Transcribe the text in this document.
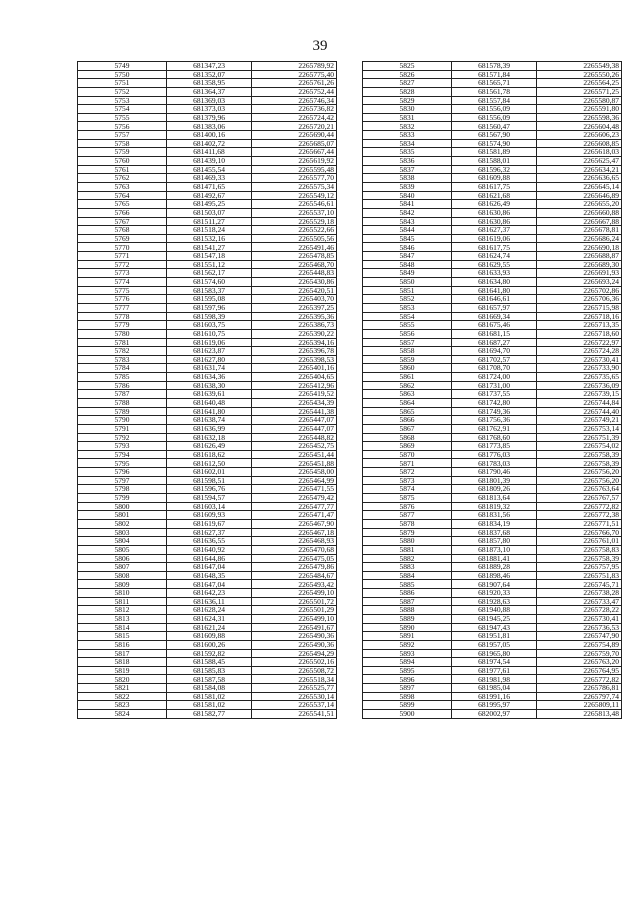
39
5749	681347,23	2265789,92
5750	681352,07	2265775,40
5751	681358,95	2265761,26
5752	681364,37	2265752,44
5753	681369,03	2265746,34
5754	681373,03	2265736,82
5755	681379,96	2265724,42
5756	681383,06	2265720,21
5757	681400,16	2265690,44
5758	681402,72	2265685,07
5759	681411,68	2265667,44
5760	681439,10	2265619,92
5761	681455,54	2265595,48
5762	681469,33	2265577,70
5763	681471,65	2265575,34
5764	681492,67	2265549,12
5765	681495,25	2265546,61
5766	681503,07	2265537,10
5767	681511,27	2265529,18
5768	681518,24	2265522,66
5769	681532,16	2265505,56
5770	681541,27	2265491,46
5771	681547,18	2265478,85
5772	681551,12	2265468,70
5773	681562,17	2265448,83
5774	681574,60	2265430,86
5775	681583,37	2265420,51
5776	681595,08	2265403,70
5777	681597,96	2265397,25
5778	681598,39	2265395,36
5779	681603,75	2265386,73
5780	681610,75	2265390,22
5781	681619,06	2265394,16
5782	681623,87	2265396,78
5783	681627,80	2265398,53
5784	681631,74	2265401,16
5785	681634,36	2265404,65
5786	681638,30	2265412,96
5787	681639,61	2265419,52
5788	681640,48	2265434,39
5789	681641,80	2265441,38
5790	681638,74	2265447,07
5791	681636,99	2265447,07
5792	681632,18	2265448,82
5793	681626,49	2265452,75
5794	681618,62	2265451,44
5795	681612,50	2265451,88
5796	681602,01	2265458,00
5797	681598,51	2265464,99
5798	681596,76	2265471,55
5799	681594,57	2265479,42
5800	681603,14	2265477,77
5801	681609,93	2265471,47
5802	681619,67	2265467,90
5803	681627,37	2265467,18
5804	681636,55	2265468,93
5805	681640,92	2265470,68
5806	681644,86	2265475,05
5807	681647,04	2265479,86
5808	681648,35	2265484,67
5809	681647,04	2265493,42
5810	681642,23	2265499,10
5811	681636,11	2265501,72
5812	681628,24	2265501,29
5813	681624,31	2265499,10
5814	681621,24	2265491,67
5815	681609,88	2265490,36
5816	681600,26	2265490,36
5817	681592,82	2265494,29
5818	681588,45	2265502,16
5819	681585,83	2265508,72
5820	681587,58	2265518,34
5821	681584,08	2265525,77
5822	681581,02	2265530,14
5823	681581,02	2265537,14
5824	681582,77	2265541,51
5825	681578,39	2265549,38
5826	681571,84	2265550,26
5827	681565,71	2265564,25
5828	681561,78	2265571,25
5829	681557,84	2265580,87
5830	681556,09	2265591,80
5831	681556,09	2265598,36
5832	681560,47	2265604,48
5833	681567,90	2265606,23
5834	681574,90	2265608,85
5835	681581,89	2265618,03
5836	681588,01	2265625,47
5837	681596,32	2265634,21
5838	681609,88	2265636,65
5839	681617,75	2265645,14
5840	681621,68	2265646,89
5841	681626,49	2265655,20
5842	681630,86	2265660,88
5843	681630,86	2265667,88
5844	681627,37	2265678,81
5845	681619,06	2265686,24
5846	681617,75	2265690,18
5847	681624,74	2265688,87
5848	681629,55	2265689,30
5849	681633,93	2265691,93
5850	681634,80	2265693,24
5851	681641,80	2265702,86
5852	681646,61	2265706,36
5853	681657,97	2265715,98
5854	681669,34	2265718,16
5855	681675,46	2265713,35
5856	681681,15	2265718,60
5857	681687,27	2265722,97
5858	681694,70	2265724,28
5859	681702,57	2265730,41
5860	681708,70	2265733,90
5861	681724,00	2265735,65
5862	681731,00	2265736,09
5863	681737,55	2265739,15
5864	681742,80	2265744,84
5865	681749,36	2265744,40
5866	681756,36	2265749,21
5867	681762,91	2265753,14
5868	681768,60	2265751,39
5869	681773,85	2265754,02
5870	681776,03	2265758,39
5871	681783,03	2265758,39
5872	681790,46	2265756,20
5873	681801,39	2265756,20
5874	681809,26	2265763,64
5875	681813,64	2265767,57
5876	681819,32	2265772,82
5877	681831,56	2265772,38
5878	681834,19	2265771,51
5879	681837,68	2265766,70
5880	681857,80	2265761,01
5881	681873,10	2265758,83
5882	681881,41	2265758,39
5883	681889,28	2265757,95
5884	681898,46	2265751,83
5885	681907,64	2265745,71
5886	681920,33	2265738,28
5887	681928,63	2265733,47
5888	681940,88	2265728,22
5889	681945,25	2265730,41
5890	681947,43	2265736,53
5891	681951,81	2265747,90
5892	681957,05	2265754,89
5893	681965,80	2265759,70
5894	681974,54	2265763,20
5895	681977,61	2265764,95
5896	681981,98	2265772,82
5897	681985,04	2265786,81
5898	681991,16	2265797,74
5899	681995,97	2265809,11
5900	682002,97	2265813,48
